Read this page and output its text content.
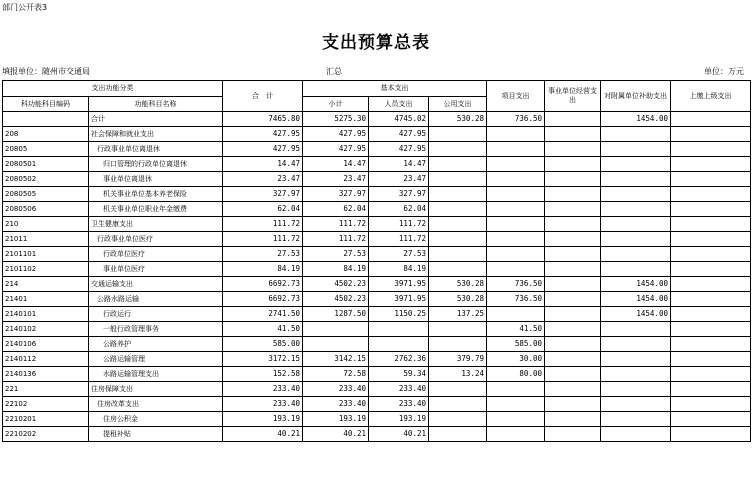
部门公开表3
支出预算总表
填报单位：随州市交通局	汇总	单位：万元
支出功能分类		合　计	基本支出			项目支出	事业单位经营支出	对附属单位补助支出	上缴上级支出
科功能科目编码	功能科目名称		小计	人员支出	公用支出				
	合计	7465.80	5275.30	4745.02	530.28	736.50		1454.00	
208	社会保障和就业支出	427.95	427.95	427.95					
20805	行政事业单位离退休	427.95	427.95	427.95					
2080501	归口管理的行政单位离退休	14.47	14.47	14.47					
2080502	事业单位离退休	23.47	23.47	23.47					
2080505	机关事业单位基本养老保险	327.97	327.97	327.97					
2080506	机关事业单位职业年金缴费	62.04	62.04	62.04					
210	卫生健康支出	111.72	111.72	111.72					
21011	行政事业单位医疗	111.72	111.72	111.72					
2101101	行政单位医疗	27.53	27.53	27.53					
2101102	事业单位医疗	84.19	84.19	84.19					
214	交通运输支出	6692.73	4502.23	3971.95	530.28	736.50		1454.00	
21401	公路水路运输	6692.73	4502.23	3971.95	530.28	736.50		1454.00	
2140101	行政运行	2741.50	1287.50	1150.25	137.25			1454.00	
2140102	一般行政管理事务	41.50				41.50			
2140106	公路养护	585.00				585.00			
2140112	公路运输管理	3172.15	3142.15	2762.36	379.79	30.00			
2140136	水路运输管理支出	152.58	72.58	59.34	13.24	80.00			
221	住房保障支出	233.40	233.40	233.40					
22102	住房改革支出	233.40	233.40	233.40					
2210201	住房公积金	193.19	193.19	193.19					
2210202	提租补贴	40.21	40.21	40.21					
